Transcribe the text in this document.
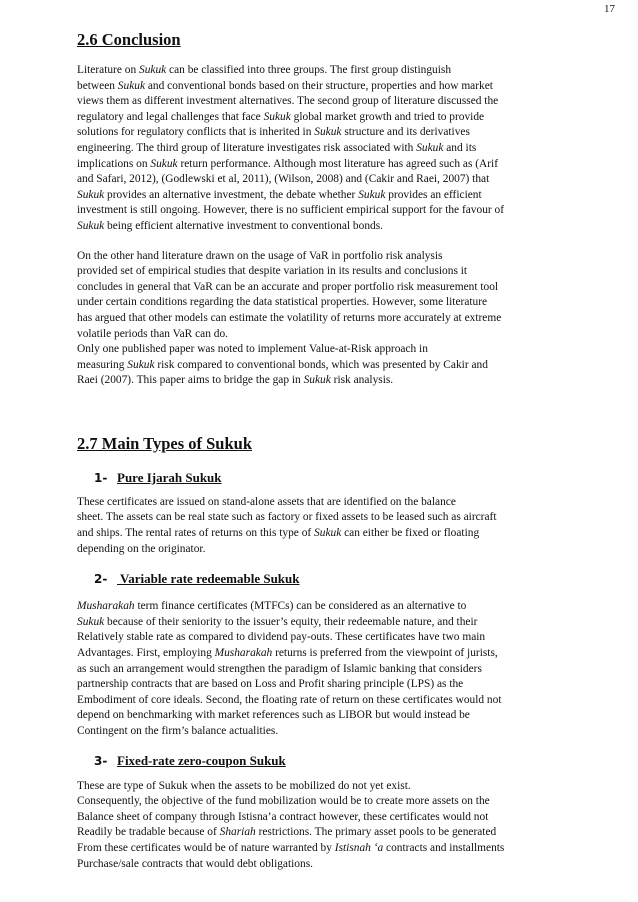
17
2.6 Conclusion

Literature on Sukuk can be classified into three groups. The first group distinguish
between Sukuk and conventional bonds based on their structure, properties and how market
views them as different investment alternatives. The second group of literature discussed the
regulatory and legal challenges that face Sukuk global market growth and tried to provide
solutions for regulatory conflicts that is inherited in Sukuk structure and its derivatives
engineering. The third group of literature investigates risk associated with Sukuk and its
implications on Sukuk return performance. Although most literature has agreed such as (Arif
and Safari, 2012), (Godlewski et al, 2011), (Wilson, 2008) and (Cakir and Raei, 2007) that
Sukuk provides an alternative investment, the debate whether Sukuk provides an efficient
investment is still ongoing. However, there is no sufficient empirical support for the favour of
Sukuk being efficient alternative investment to conventional bonds.

On the other hand literature drawn on the usage of VaR in portfolio risk analysis
provided set of empirical studies that despite variation in its results and conclusions it
concludes in general that VaR can be an accurate and proper portfolio risk measurement tool
under certain conditions regarding the data statistical properties. However, some literature
has argued that other models can estimate the volatility of returns more accurately at extreme
volatile periods than VaR can do.
Only one published paper was noted to implement Value-at-Risk approach in
measuring Sukuk risk compared to conventional bonds, which was presented by Cakir and
Raei (2007). This paper aims to bridge the gap in Sukuk risk analysis.

2.7 Main Types of Sukuk
1- Pure Ijarah Sukuk

These certificates are issued on stand-alone assets that are identified on the balance
sheet. The assets can be real state such as factory or fixed assets to be leased such as aircraft
and ships. The rental rates of returns on this type of Sukuk can either be fixed or floating
depending on the originator.

2- Variable rate redeemable Sukuk

Musharakah term finance certificates (MTFCs) can be considered as an alternative to
Sukuk because of their seniority to the issuer’s equity, their redeemable nature, and their
Relatively stable rate as compared to dividend pay-outs. These certificates have two main
Advantages. First, employing Musharakah returns is preferred from the viewpoint of jurists,
as such an arrangement would strengthen the paradigm of Islamic banking that considers
partnership contracts that are based on Loss and Profit sharing principle (LPS) as the
Embodiment of core ideals. Second, the floating rate of return on these certificates would not
depend on benchmarking with market references such as LIBOR but would instead be
Contingent on the firm’s balance actualities.

3- Fixed-rate zero-coupon Sukuk

These are type of Sukuk when the assets to be mobilized do not yet exist.
Consequently, the objective of the fund mobilization would be to create more assets on the
Balance sheet of company through Istisna’a contract however, these certificates would not
Readily be tradable because of Shariah restrictions. The primary asset pools to be generated
From these certificates would be of nature warranted by Istisnah ‘a contracts and installments
Purchase/sale contracts that would debt obligations.
